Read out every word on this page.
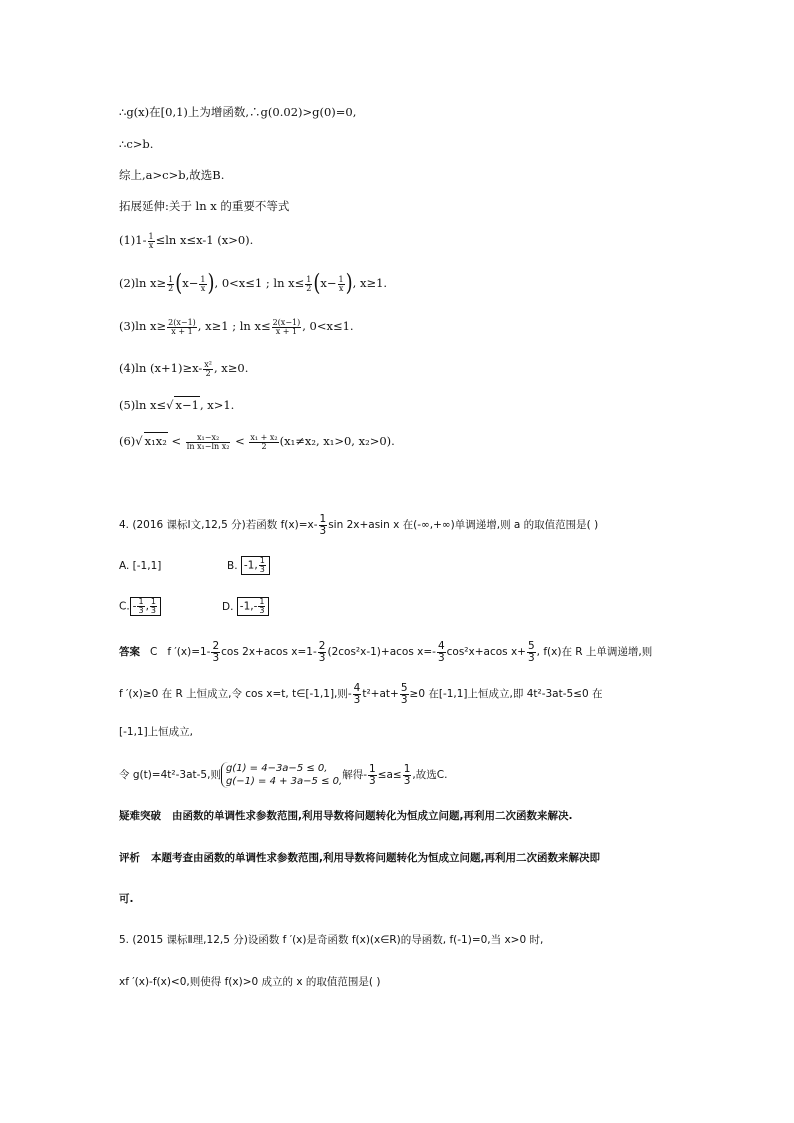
∴g(x)在[0,1)上为增函数,∴g(0.02)>g(0)=0,
∴c>b.
综上,a>c>b,故选B.
拓展延伸:关于 ln x 的重要不等式
$(1)1- \frac{1}{x} \le\ln$ x≤x-1 (x>0).
(2)ln $x\ge \frac{1}{2} (x- \frac{1}{x}$ ), 0<x≤1 ; $\ln x\le \frac{1}{2} (x- \frac{1}{x}$ ), x≥1.
(3)ln $x\ge \frac{2(x-1)}{x + 1}$ , x≥1 ; $\ln x\le \frac{2(x-1)}{x + 1}$ , 0<x≤1.
(4)ln $(x+1)\ge x- \frac{\text{x²}}{2}$ , x≥0.
(5)ln x≤√ x−1, x>1.
(6)√ $x_1x_2 < \frac{\text{x₁−x₂}}{\text{ln x₁−ln x₂}} < \frac{\text{x₁ + x₂}}{2} (x_1\ne x_2$, x₁>0, x₂>0).
4. (2016 课标Ⅰ文,12,5 分)若函数 $f(x)=x- \frac{1}{3}$ sin 2x+asin x 在(-∞,+∞)单调递增,则 a 的取值范围是( )
A. [-1,1]	B. -1, $\frac{1}{3}$
C. - $\frac{1}{3}$ , $\frac{1}{3}$	D. $-1,- \frac{1}{3}$
答案 C f $'(x)=1- \frac{2}{3}$ cos 2x+acos $x=1- \frac{2}{3} (2\cos^2x-1)+acos$ $x=- \frac{4}{3} \cos^2x+acos$ $x+ \frac{5}{3}$ , f(x)在 R 上单调递增,则
f ′(x)≥0 在 R 上恒成立,令 cos x=t, t∈[-1,1],则- $\frac{4}{3} t^2+at+ \frac{5}{3} \ge 0$ 在[-1,1]上恒成立,即 4t²-3at-5≤0 在
[-1,1]上恒成立,
令 g(t)=4t²-3at-5,则
g(1) = 4−3a−5 ≤ 0,
g(−1) = 4 + 3a−5 ≤ 0,
解得- $\frac{1}{3} \le a\le \frac{1}{3}$ ,故选C.
疑难突破 由函数的单调性求参数范围,利用导数将问题转化为恒成立问题,再利用二次函数来解决.
评析 本题考查由函数的单调性求参数范围,利用导数将问题转化为恒成立问题,再利用二次函数来解决即
可.
5. (2015 课标Ⅱ理,12,5 分)设函数 f ′(x)是奇函数 f(x)(x∈R)的导函数, f(-1)=0,当 x>0 时,
xf ′(x)-f(x)<0,则使得 f(x)>0 成立的 x 的取值范围是( )
